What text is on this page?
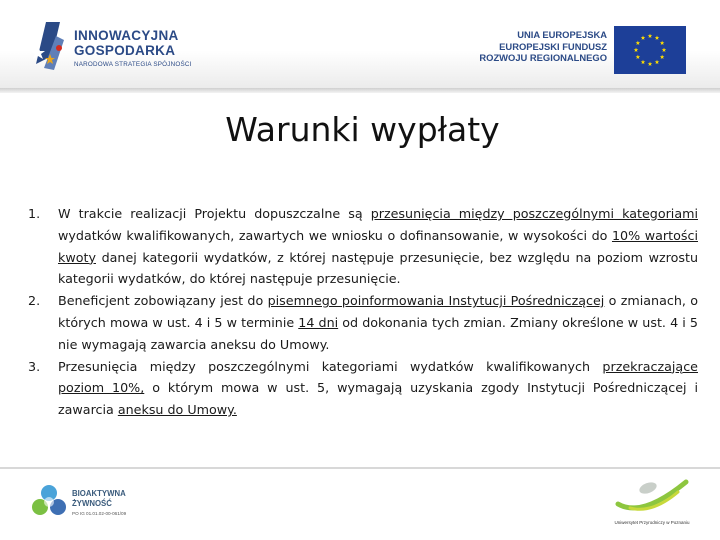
INNOWACYJNA
GOSPODARKA
NARODOWA STRATEGIA SPÓJNOŚCI
UNIA EUROPEJSKA
EUROPEJSKI FUNDUSZ
ROZWOJU REGIONALNEGO
Warunki wypłaty
1. W trakcie realizacji Projektu dopuszczalne są przesunięcia między poszczególnymi kategoriami wydatków kwalifikowanych, zawartych we wniosku o dofinansowanie, w wysokości do 10% wartości kwoty danej kategorii wydatków, z której następuje przesunięcie, bez względu na poziom wzrostu kategorii wydatków, do której następuje przesunięcie.
2. Beneficjent zobowiązany jest do pisemnego poinformowania Instytucji Pośredniczącej o zmianach, o których mowa w ust. 4 i 5 w terminie 14 dni od dokonania tych zmian. Zmiany określone w ust. 4 i 5 nie wymagają zawarcia aneksu do Umowy.
3. Przesunięcia między poszczególnymi kategoriami wydatków kwalifikowanych przekraczające poziom 10%, o którym mowa w ust. 5, wymagają uzyskania zgody Instytucji Pośredniczącej i zawarcia aneksu do Umowy.
BIOAKTYWNA
ŻYWNOŚĆ
PO IG 01.01.02-00-061/09
Uniwersytet Przyrodniczy w Poznaniu
